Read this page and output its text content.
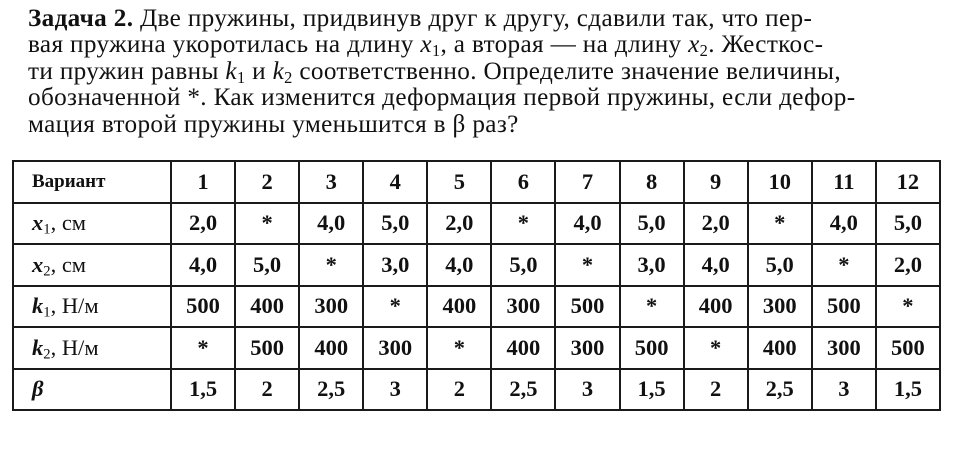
Задача 2. Две пружины, придвинув друг к другу, сдавили так, что пер-
вая пружина укоротилась на длину $x_1$, а вторая — на длину $x_2$. Жесткос-
ти пружин равны $k_1$ и $k_2$ соответственно. Определите значение величины,
обозначенной *. Как изменится деформация первой пружины, если дефор-
мация второй пружины уменьшится в β раз?
Вариант	1	2	3	4	5	6	7	8	9	10	11	12
$x_1$, см	2,0	*	4,0	5,0	2,0	*	4,0	5,0	2,0	*	4,0	5,0
$x_2$, см	4,0	5,0	*	3,0	4,0	5,0	*	3,0	4,0	5,0	*	2,0
$k_1$, Н/м	500	400	300	*	400	300	500	*	400	300	500	*
$k_2$, Н/м	*	500	400	300	*	400	300	500	*	400	300	500
β	1,5	2	2,5	3	2	2,5	3	1,5	2	2,5	3	1,5
